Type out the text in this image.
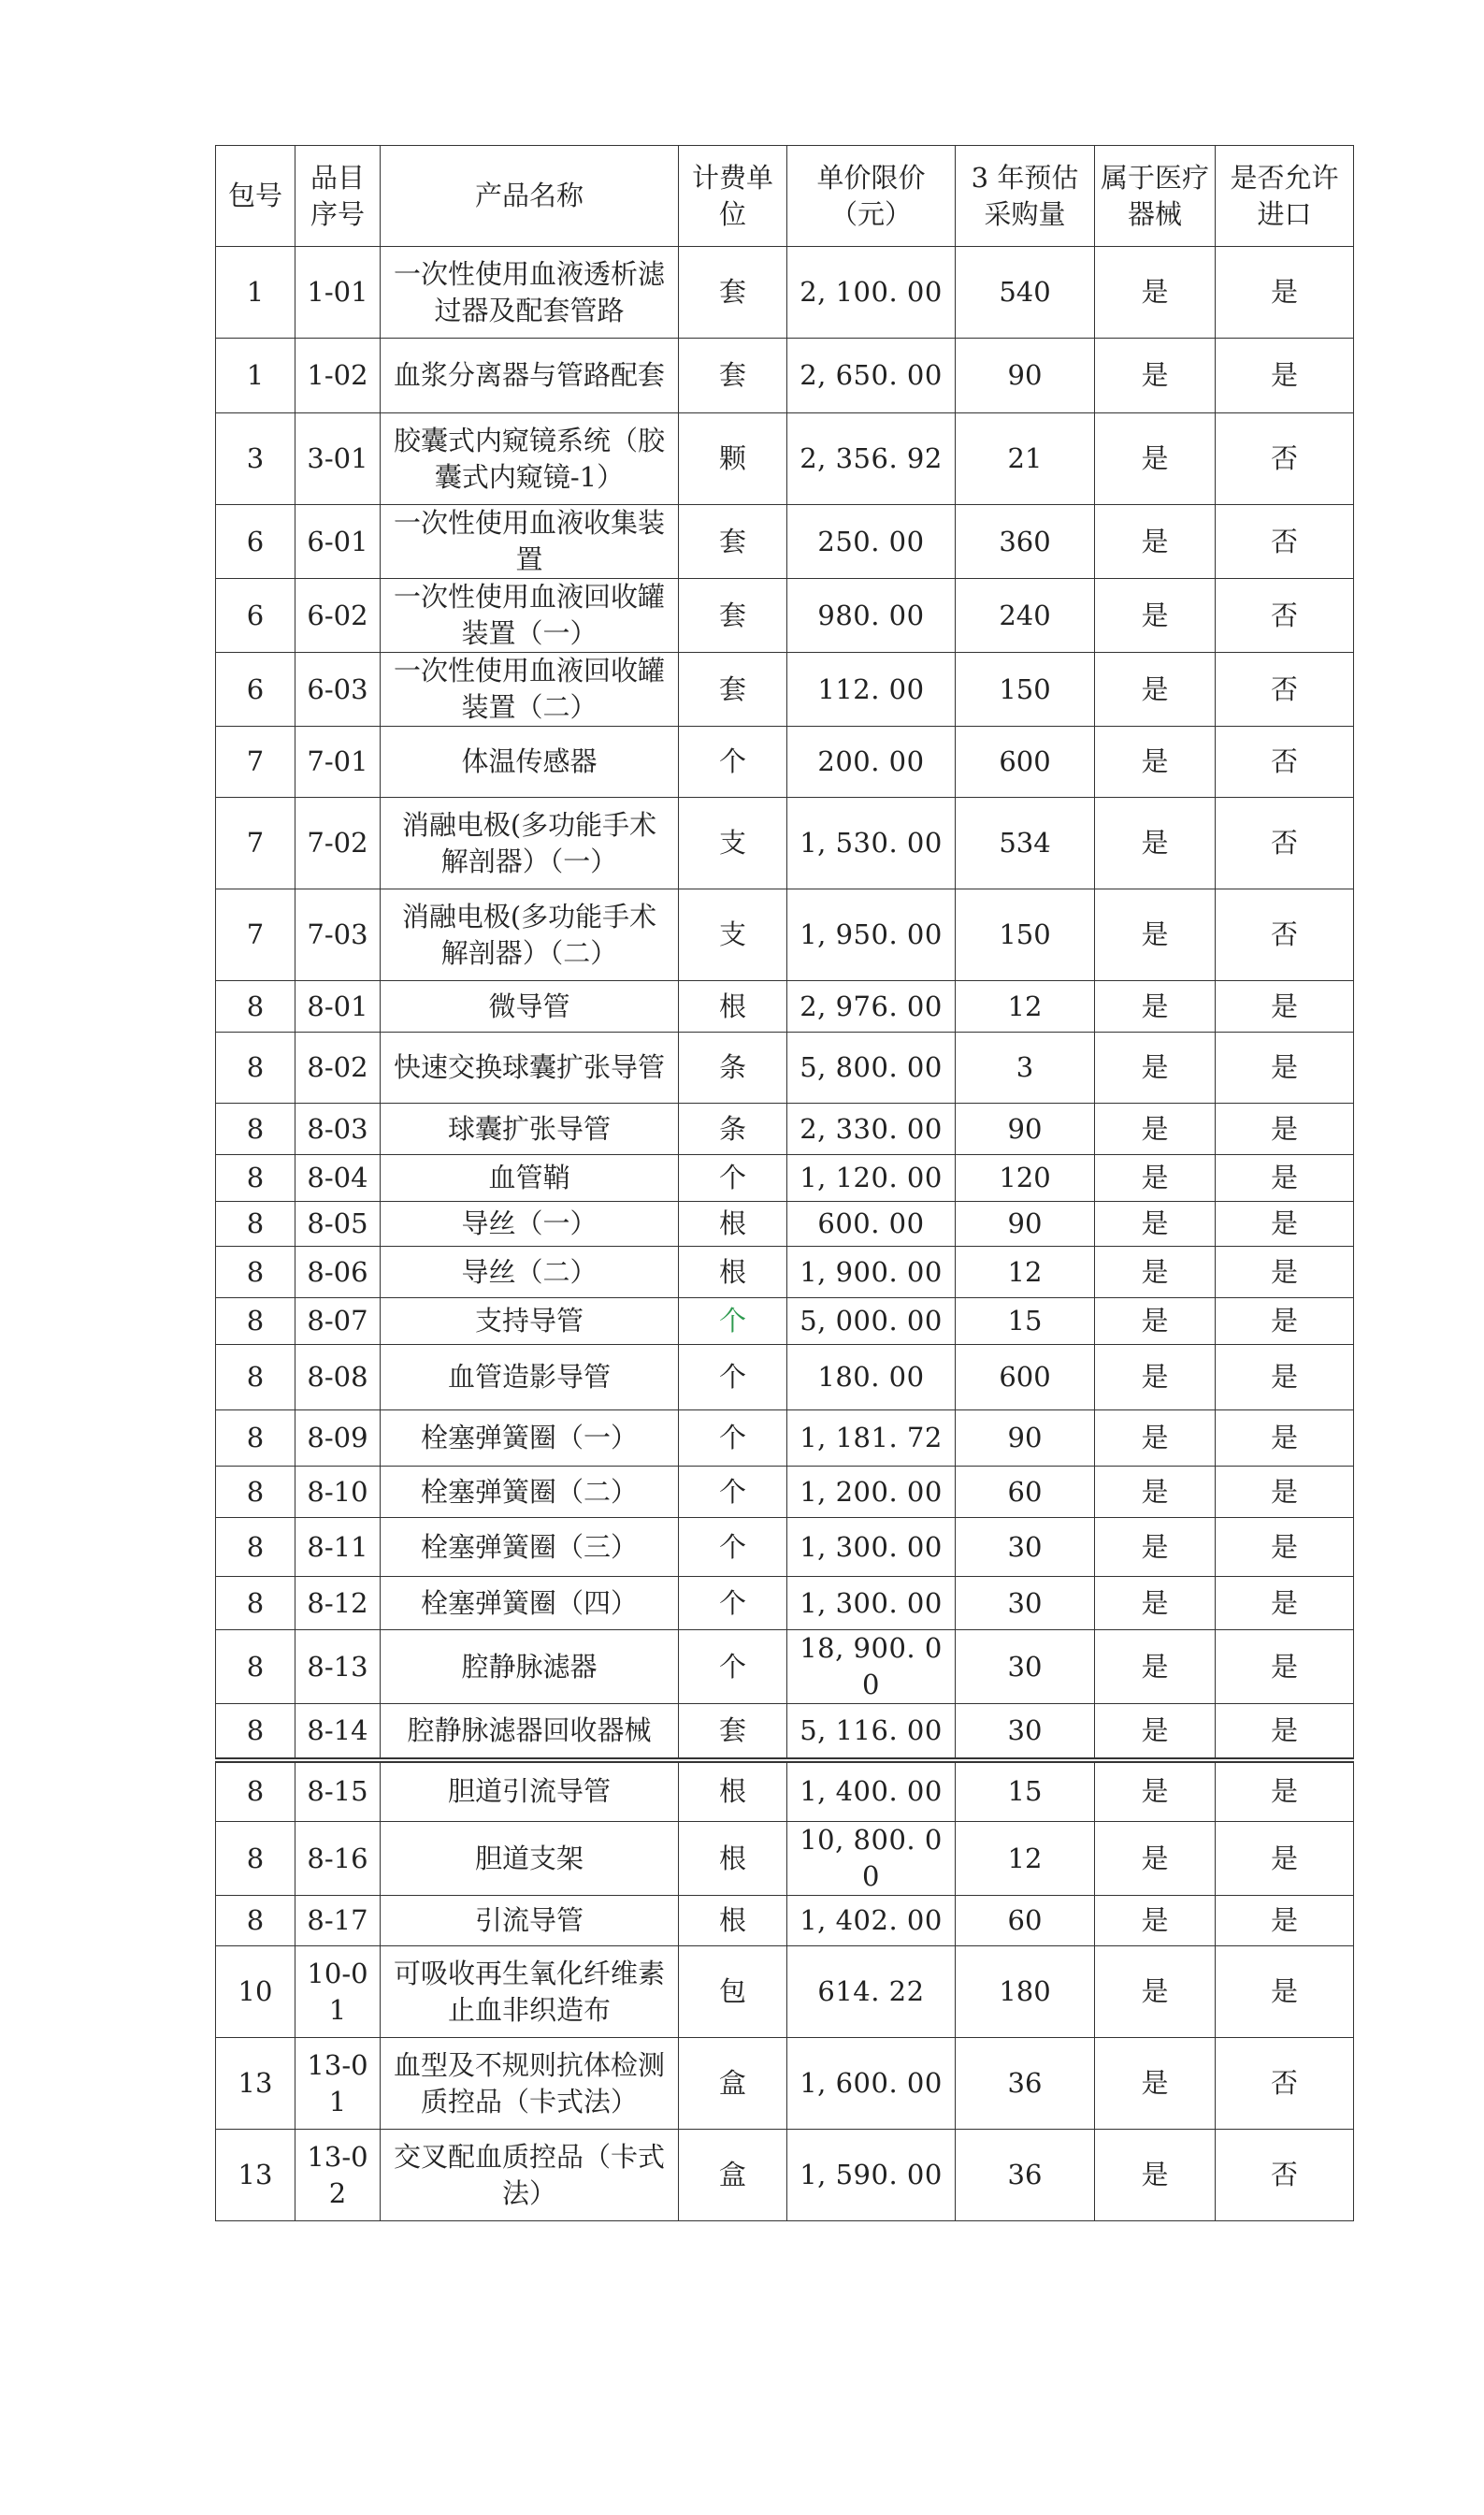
包号	品目序号	产品名称	计费单位	单价限价（元）	3 年预估采购量	属于医疗器械	是否允许进口
1	1-01	一次性使用血液透析滤过器及配套管路	套	2, 100. 00	540	是	是
1	1-02	血浆分离器与管路配套	套	2, 650. 00	90	是	是
3	3-01	胶囊式内窥镜系统（胶囊式内窥镜-1）	颗	2, 356. 92	21	是	否
6	6-01	一次性使用血液收集装置	套	250. 00	360	是	否
6	6-02	一次性使用血液回收罐装置（一）	套	980. 00	240	是	否
6	6-03	一次性使用血液回收罐装置（二）	套	112. 00	150	是	否
7	7-01	体温传感器	个	200. 00	600	是	否
7	7-02	消融电极(多功能手术解剖器）（一）	支	1, 530. 00	534	是	否
7	7-03	消融电极(多功能手术解剖器）（二）	支	1, 950. 00	150	是	否
8	8-01	微导管	根	2, 976. 00	12	是	是
8	8-02	快速交换球囊扩张导管	条	5, 800. 00	3	是	是
8	8-03	球囊扩张导管	条	2, 330. 00	90	是	是
8	8-04	血管鞘	个	1, 120. 00	120	是	是
8	8-05	导丝（一）	根	600. 00	90	是	是
8	8-06	导丝（二）	根	1, 900. 00	12	是	是
8	8-07	支持导管	个	5, 000. 00	15	是	是
8	8-08	血管造影导管	个	180. 00	600	是	是
8	8-09	栓塞弹簧圈（一）	个	1, 181. 72	90	是	是
8	8-10	栓塞弹簧圈（二）	个	1, 200. 00	60	是	是
8	8-11	栓塞弹簧圈（三）	个	1, 300. 00	30	是	是
8	8-12	栓塞弹簧圈（四）	个	1, 300. 00	30	是	是
8	8-13	腔静脉滤器	个	18, 900. 00	30	是	是
8	8-14	腔静脉滤器回收器械	套	5, 116. 00	30	是	是
8	8-15	胆道引流导管	根	1, 400. 00	15	是	是
8	8-16	胆道支架	根	10, 800. 00	12	是	是
8	8-17	引流导管	根	1, 402. 00	60	是	是
10	10-01	可吸收再生氧化纤维素止血非织造布	包	614. 22	180	是	是
13	13-01	血型及不规则抗体检测质控品（卡式法）	盒	1, 600. 00	36	是	否
13	13-02	交叉配血质控品（卡式法）	盒	1, 590. 00	36	是	否
